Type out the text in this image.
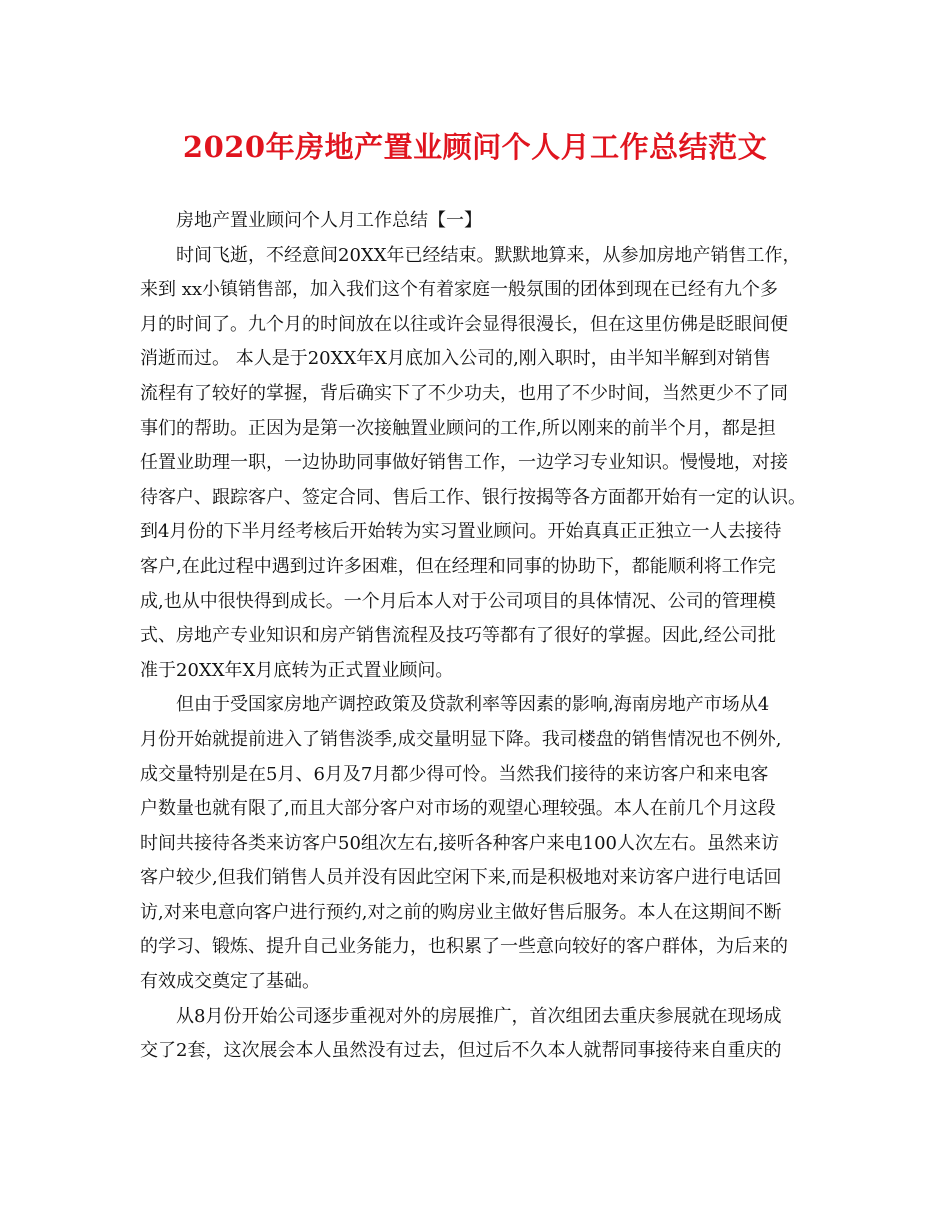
2020年房地产置业顾问个人月工作总结范文
房地产置业顾问个人月工作总结【一】
时间飞逝，不经意间20XX年已经结束。默默地算来，从参加房地产销售工作，
来到 xx小镇销售部，加入我们这个有着家庭一般氛围的团体到现在已经有九个多
月的时间了。九个月的时间放在以往或许会显得很漫长，但在这里仿佛是眨眼间便
消逝而过。 本人是于20XX年X月底加入公司的,刚入职时，由半知半解到对销售
流程有了较好的掌握，背后确实下了不少功夫，也用了不少时间，当然更少不了同
事们的帮助。正因为是第一次接触置业顾问的工作,所以刚来的前半个月，都是担
任置业助理一职，一边协助同事做好销售工作，一边学习专业知识。慢慢地，对接
待客户、跟踪客户、签定合同、售后工作、银行按揭等各方面都开始有一定的认识。
到4月份的下半月经考核后开始转为实习置业顾问。开始真真正正独立一人去接待
客户,在此过程中遇到过许多困难，但在经理和同事的协助下，都能顺利将工作完
成,也从中很快得到成长。一个月后本人对于公司项目的具体情况、公司的管理模
式、房地产专业知识和房产销售流程及技巧等都有了很好的掌握。因此,经公司批
准于20XX年X月底转为正式置业顾问。
但由于受国家房地产调控政策及贷款利率等因素的影响,海南房地产市场从4
月份开始就提前进入了销售淡季,成交量明显下降。我司楼盘的销售情况也不例外,
成交量特别是在5月、6月及7月都少得可怜。当然我们接待的来访客户和来电客
户数量也就有限了,而且大部分客户对市场的观望心理较强。本人在前几个月这段
时间共接待各类来访客户50组次左右,接听各种客户来电100人次左右。虽然来访
客户较少,但我们销售人员并没有因此空闲下来,而是积极地对来访客户进行电话回
访,对来电意向客户进行预约,对之前的购房业主做好售后服务。本人在这期间不断
的学习、锻炼、提升自己业务能力，也积累了一些意向较好的客户群体，为后来的
有效成交奠定了基础。
从8月份开始公司逐步重视对外的房展推广，首次组团去重庆参展就在现场成
交了2套，这次展会本人虽然没有过去，但过后不久本人就帮同事接待来自重庆的
